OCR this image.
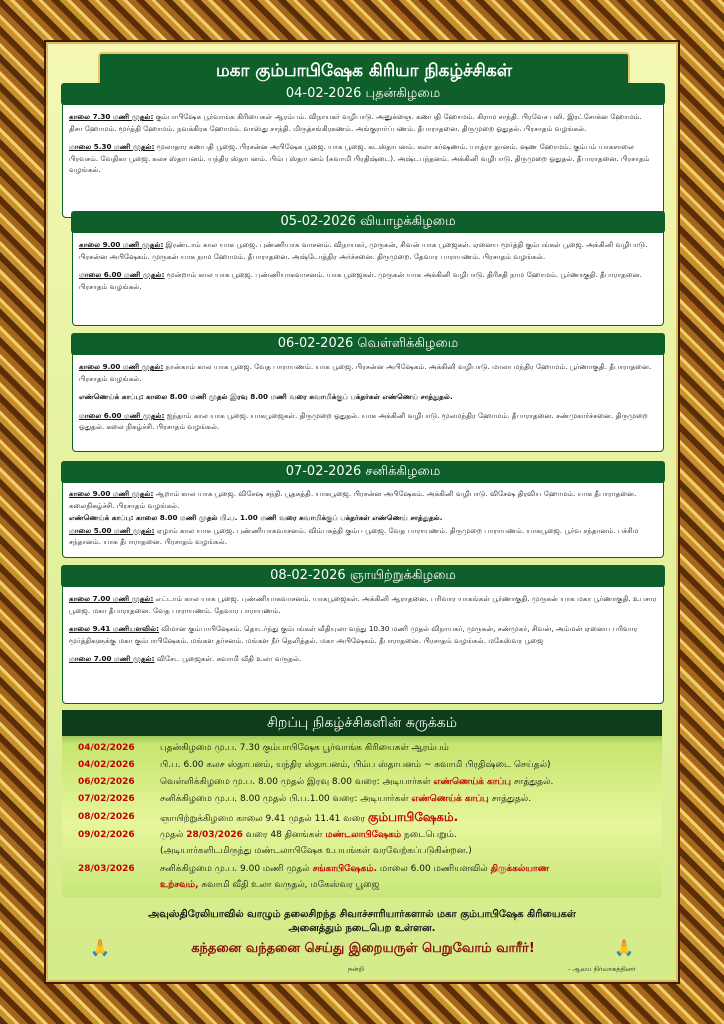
மகா கும்பாபிஷேக கிரியா நிகழ்ச்சிகள்
04-02-2026 புதன்கிழமை

காலை 7.30 மணி முதல்: கும்பாபிஷேக பூர்வாங்க கிரியைகள் ஆரம்பம். விநாயகர் வழிபாடு. அனுக்ஞை. கணபதி ஹோமம். கிராம சாந்தி. பிரவேச பலி. இரட்சோக்ன ஹோமம். திசா ஹோமம். மூர்த்தி ஹோமம். நவக்கிரக ஹோமம். வாஸ்து சாந்தி. மிருத்சங்கிரகணம். அங்குரார்ப்பணம். தீபாராதனை. திருமுறை ஓதுதல். பிரசாதம் வழங்கல்.

மாலை 5.30 மணி முதல்: மூலாதார கணபதி பூஜை. பிரசன்ன அபிஷேக பூஜை. யாக பூஜை. கடஸ்தாபனம். கலா கர்ஷணம். யாத்ரா தானம். ஷண ஹோமம். கும்பம் யாகசாலை பிரவசம். வேதிகா பூஜை. கலச ஸ்தாபனம். யந்திர ஸ்தாபனம். பிம்ப ஸ்தாபனம் (சுவாமி பிரதிஷ்டை). அஷ்டபந்தனம். அக்கினி வழிபாடு. திருமுறை ஓதுதல். தீபாராதனை. பிரசாதம் வழங்கல்.

05-02-2026 வியாழக்கிழமை

காலை 9.00 மணி முதல்: இரண்டாம் கால யாக பூஜை. புண்ணியாக வாசனம். விநாயகர், முருகன், சிவன் யாக பூஜைகள். ஏனைய மூர்த்தி கும்பங்கள் பூஜை. அக்கினி வழிபாடு. பிரசன்ன அபிஷேகம். முருகன் யாக நாம ஹோமம். தீபாராதனை. அஷ்டோத்திர அர்ச்சனை. திருமுறை. தேவார பாராயணம். பிரசாதம் வழங்கல்.

மாலை 6.00 மணி முதல்: மூன்றாம் கால யாக பூஜை. புண்ணியாகவாசனம். யாக பூஜைகள். முருகன் யாக அக்கினி வழிபாடு. திரிசதி நாம ஹோமம். பூர்ணாகுதி. தீபாராதனை. பிரசாதம் வழங்கல்.

06-02-2026 வெள்ளிக்கிழமை

காலை 9.00 மணி முதல்: நான்காம் கால யாக பூஜை. வேத பாராயணம். யாக பூஜை. பிரசன்ன அபிஷேகம். அக்கினி வழிபாடு. மாலா மந்திர ஹோமம். பூர்ணாகுதி. தீபாராதனை. பிரசாதம் வழங்கல்.

எண்ணெய்க் காப்பு: காலை 8.00 மணி முதல் இரவு 8.00 மணி வரை சுவாமிக்குப் பக்தர்கள் எண்ணெய் சாத்துதல்.

மாலை 6.00 மணி முதல்: ஐந்தாம் கால யாக பூஜை. யாகபூஜைகள். திருமுறை ஓதுதல். யாக அக்கினி வழிபாடு. மூலமந்திர ஹோமம். தீபாராதனை. சண்முகார்ச்சனை. திருமுறை ஓதுதல். கலை நிகழ்ச்சி. பிரசாதம் வழங்கல்.

07-02-2026 சனிக்கிழமை

காலை 9.00 மணி முதல்: ஆறாம் கால யாக பூஜை. விசேஷ சந்தி. பூதசுத்தி. யாகபூஜை. பிரசன்ன அபிஷேகம். அக்கினி வழிபாடு. விசேஷ திரவிய ஹோமம். யாக தீபாராதனை. கலைநிகழ்ச்சி. பிரசாதம் வழங்கல்.

எண்ணெய்க் காப்பு: காலை 8.00 மணி முதல் பி.ப. 1.00 மணி வரை சுவாமிக்குப் பக்தர்கள் எண்ணெய் சாத்துதல்.

மாலை 5.00 மணி முதல்: ஏழாம் கால யாக பூஜை. புண்ணியாகவாசனம். விம்பசுத்தி கும்ப பூஜை. வேத பாராயணம். திருமுறை பாராயணம். யாகபூஜை. பூர்வ சந்தானம். பச்சிம சந்தானம். யாக தீபாராதனை. பிரசாதம் வழங்கல்.

08-02-2026 ஞாயிற்றுக்கிழமை

காலை 7.00 மணி முதல்: எட்டாம் கால யாக பூஜை. புண்ணியாகவாசனம். யாகபூஜைகள். அக்கினி ஆராதனை. பரிவார யாகங்கள் பூர்ணாகுதி. முருகன் யாக மகா பூர்ணாகுதி. உபசார பூஜை. மகா தீபாராதனை. வேத பாராயணம். தேவார பாராயணம்.

காலை 9.41 மணியளவில்: விமான கும்பாபிஷேகம். தொடர்ந்து கும்பங்கள் வீதியுலா வந்து 10.30 மணி முதல் விநாயகர், முருகன், சண்முகர், சிவன், அம்மன் ஏனைய பரிவார மூர்த்திகளுக்கு மகா கும்பாபிஷேகம். மங்கள தர்சனம். மங்கள நீர் தெளித்தல். மகா அபிஷேகம். தீபாராதனை. பிரசாதம் வழங்கல். மகேஸ்வர பூஜை

மாலை 7.00 மணி முதல்: விசேட பூஜைகள். சுவாமி வீதி உலா வருதல்.

சிறப்பு நிகழ்ச்சிகளின் சுருக்கம்
04/02/2026	புதன்கிழமை மு.ப. 7.30 கும்பாபிஷேக பூர்வாங்க கிரியைகள் ஆரம்பம்
04/02/2026	பி.ப. 6.00 கலச ஸ்தாபனம், யந்திர ஸ்தாபனம், பிம்ப ஸ்தாபனம் ~ சுவாமி பிரதிஷ்டை செய்தல்)
06/02/2026	வெள்ளிக்கிழமை மு.ப. 8.00 முதல் இரவு 8.00 வரை: அடியார்கள் எண்ணெய்க் காப்பு சாத்துதல்.
07/02/2026	சனிக்கிழமை மு.ப. 8.00 முதல் பி.ப.1.00 வரை: அடியார்கள் எண்ணெய்க் காப்பு சாத்துதல்.
08/02/2026	ஞாயிற்றுக்கிழமை காலை 9.41 முதல் 11.41 வரை கும்பாபிஷேகம்.
09/02/2026	முதல் 28/03/2026 வரை 48 தினங்கள் மண்டலாபிஷேகம் நடைபெறும்.
(அடியார்களிடமிருந்து மண்டலாபிஷேக உபயங்கள் வரவேற்கப்படுகின்றன.)
28/03/2026	சனிக்கிழமை மு.ப. 9.00 மணி முதல் சங்காபிஷேகம். மாலை 6.00 மணியளவில் திருக்கல்யாண
உற்சவம், சுவாமி வீதி உலா வருதல், மகேஸ்வர பூஜை
அவுஸ்திரேலியாவில் வாழும் தலைசிறந்த சிவாச்சாரியார்களால் மகா கும்பாபிஷேக கிரியைகள்
அனைத்தும் நடைபெற உள்ளன.
🙏	கந்தனை வந்தனை செய்து இறையருள் பெறுவோம் வாரீர்!	🙏
நன்றி	- ஆலய நிர்வாகத்தினர்
